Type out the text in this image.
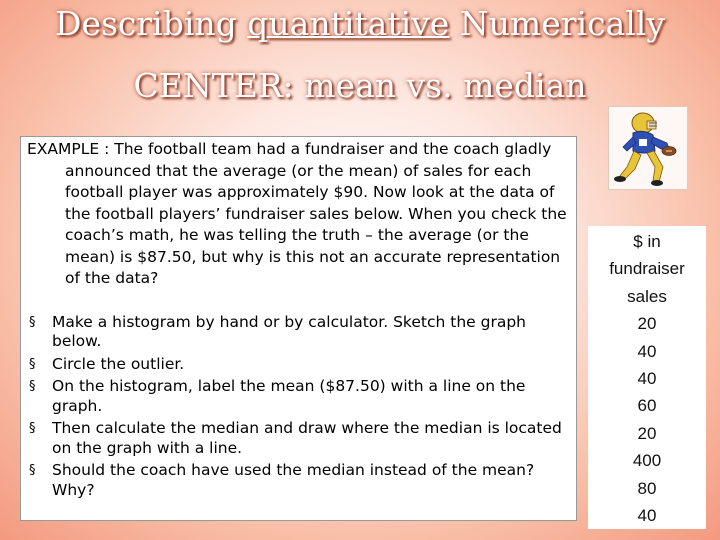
Describing quantitative Numerically
CENTER: mean vs. median

EXAMPLE : The football team had a fundraiser and the coach gladly announced that the average (or the mean) of sales for each football player was approximately $90. Now look at the data of the football players’ fundraiser sales below. When you check the coach’s math, he was telling the truth – the average (or the mean) is $87.50, but why is this not an accurate representation of the data?

§ Make a histogram by hand or by calculator. Sketch the graph below.
§ Circle the outlier.
§ On the histogram, label the mean ($87.50) with a line on the graph.
§ Then calculate the median and draw where the median is located on the graph with a line.
§ Should the coach have used the median instead of the mean? Why?
$ in
fundraiser
sales
20
40
40
60
20
400
80
40
